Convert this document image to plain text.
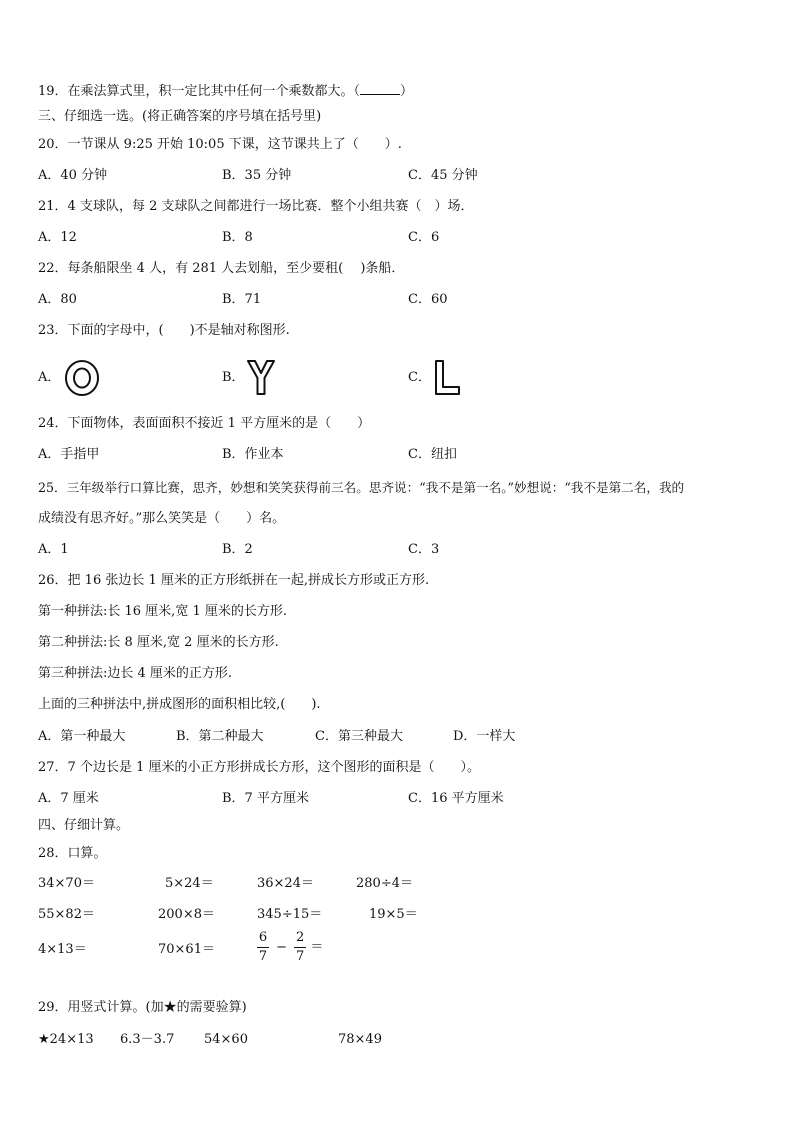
19．在乘法算式里，积一定比其中任何一个乘数都大。（	）
三、仔细选一选。(将正确答案的序号填在括号里)
20．一节课从 9:25 开始 10:05 下课，这节课共上了（　　）.
A．40 分钟	B．35 分钟	C．45 分钟
21．4 支球队，每 2 支球队之间都进行一场比赛．整个小组共赛（　）场．
A．12	B．8	C．6
22．每条船限坐 4 人，有 281 人去划船，至少要租(　 )条船．
A．80	B．71	C．60
23．下面的字母中，(　　)不是轴对称图形.
A．
O
B．
Y
C．
L
24．下面物体，表面面积不接近 1 平方厘米的是（　　）
A．手指甲	B．作业本	C．纽扣
25．三年级举行口算比赛，思齐，妙想和笑笑获得前三名。思齐说：“我不是第一名。”妙想说：“我不是第二名，我的
成绩没有思齐好。”那么笑笑是（　　）名。
A．1	B．2	C．3
26．把 16 张边长 1 厘米的正方形纸拼在一起,拼成长方形或正方形.
第一种拼法:长 16 厘米,宽 1 厘米的长方形.
第二种拼法:长 8 厘米,宽 2 厘米的长方形.
第三种拼法:边长 4 厘米的正方形.
上面的三种拼法中,拼成图形的面积相比较,(　　).
A．第一种最大	B．第二种最大	C．第三种最大	D．一样大
27．7 个边长是 1 厘米的小正方形拼成长方形，这个图形的面积是（　　）。
A．7 厘米	B．7 平方厘米	C．16 平方厘米
四、仔细计算。
28．口算。
34×70＝	5×24＝	36×24＝	280÷4＝
55×82＝	200×8＝	345÷15＝	19×5＝
4×13＝	70×61＝	$\frac{6}{7} - \frac{2}{7}$ ＝
29．用竖式计算。(加★的需要验算)
★24×13 6.3－3.7 54×60	78×49
